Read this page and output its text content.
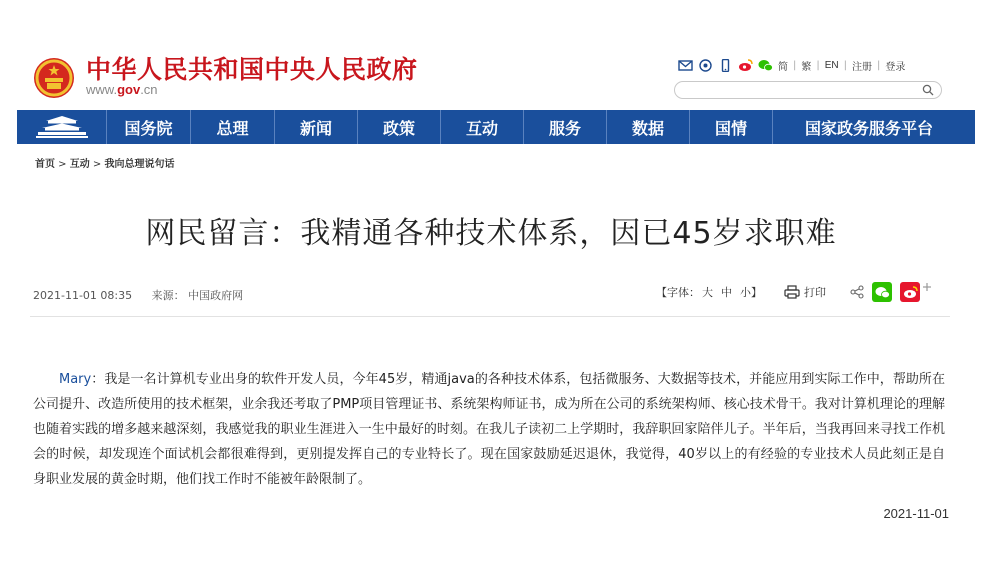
中华人民共和国中央人民政府
www.gov.cn
简 | 繁 | EN | 注册 | 登录
国务院	总理	新闻	政策	互动	服务	数据	国情	国家政务服务平台
首页 > 互动 > 我向总理说句话
网民留言：我精通各种技术体系，因已45岁求职难
2021-11-01 08:35 来源： 中国政府网	【字体： 大 中 小】	打印

Mary：我是一名计算机专业出身的软件开发人员，今年45岁，精通java的各种技术体系，包括微服务、大数据等技术，并能应用到实际工作中，帮助所在公司提升、改造所使用的技术框架，业余我还考取了PMP项目管理证书、系统架构师证书，成为所在公司的系统架构师、核心技术骨干。我对计算机理论的理解也随着实践的增多越来越深刻，我感觉我的职业生涯进入一生中最好的时刻。在我儿子读初二上学期时，我辞职回家陪伴儿子。半年后，当我再回来寻找工作机会的时候，却发现连个面试机会都很难得到，更别提发挥自己的专业特长了。现在国家鼓励延迟退休，我觉得，40岁以上的有经验的专业技术人员此刻正是自身职业发展的黄金时期，他们找工作时不能被年龄限制了。

2021-11-01
